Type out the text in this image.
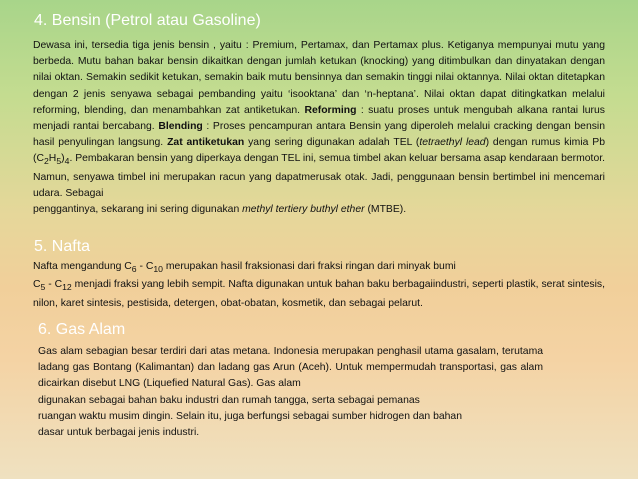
4. Bensin (Petrol atau Gasoline)

Dewasa ini, tersedia tiga jenis bensin , yaitu : Premium, Pertamax, dan Pertamax plus. Ketiganya mempunyai mutu yang berbeda. Mutu bahan bakar bensin dikaitkan dengan jumlah ketukan (knocking) yang ditimbulkan dan dinyatakan dengan nilai oktan. Semakin sedikit ketukan, semakin baik mutu bensinnya dan semakin tinggi nilai oktannya. Nilai oktan ditetapkan dengan 2 jenis senyawa sebagai pembanding yaitu ‘isooktana’ dan ‘n-heptana’. Nilai oktan dapat ditingkatkan melalui reforming, blending, dan menambahkan zat antiketukan. Reforming : suatu proses untuk mengubah alkana rantai lurus menjadi rantai bercabang. Blending : Proses pencampuran antara Bensin yang diperoleh melalui cracking dengan bensin hasil penyulingan langsung. Zat antiketukan yang sering digunakan adalah TEL (tetraethyl lead) dengan rumus kimia Pb $(C_2H_5)_4$. Pembakaran bensin yang diperkaya dengan TEL ini, semua timbel akan keluar bersama asap kendaraan bermotor. Namun, senyawa timbel ini merupakan racun yang dapatmerusak otak. Jadi, penggunaan bensin bertimbel ini mencemari udara. Sebagai
penggantinya, sekarang ini sering digunakan methyl tertiery buthyl ether (MTBE).

5. Nafta

Nafta mengandung $C_6 - C_{10}$ merupakan hasil fraksionasi dari fraksi ringan dari minyak bumi
$C_5 - C_{12}$ menjadi fraksi yang lebih sempit. Nafta digunakan untuk bahan baku berbagaiindustri, seperti plastik, serat sintesis, nilon, karet sintesis, pestisida, detergen, obat-obatan, kosmetik, dan sebagai pelarut.

6. Gas Alam

Gas alam sebagian besar terdiri dari atas metana. Indonesia merupakan penghasil utama gasalam, terutama ladang gas Bontang (Kalimantan) dan ladang gas Arun (Aceh). Untuk mempermudah transportasi, gas alam dicairkan disebut LNG (Liquefied Natural Gas). Gas alam
digunakan sebagai bahan baku industri dan rumah tangga, serta sebagai pemanas
ruangan waktu musim dingin. Selain itu, juga berfungsi sebagai sumber hidrogen dan bahan
dasar untuk berbagai jenis industri.
